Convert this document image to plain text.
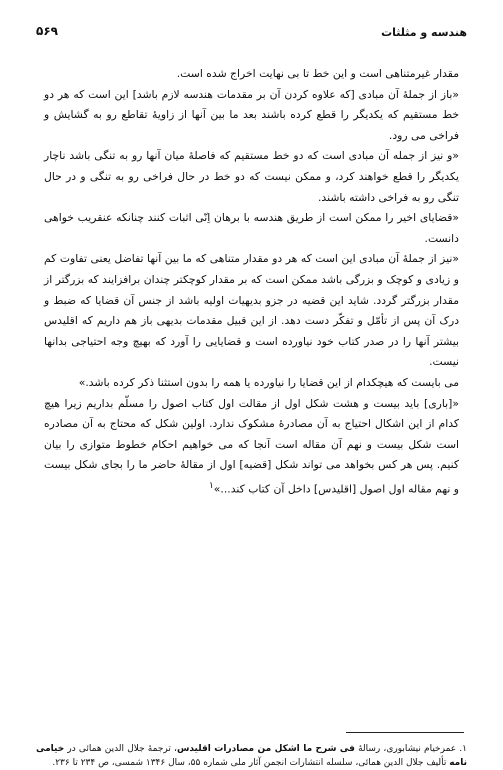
هندسه و مثلثات
۵۶۹

مقدار غیرمتناهی است و این خط تا بی نهایت اخراج شده است.

«باز از جملهٔ آن مبادی [که علاوه کردن آن بر مقدمات هندسه لازم باشد] این است که هر دو خط مستقیم که یکدیگر را قطع کرده باشند بعد ما بین آنها از زاویهٔ تقاطع رو به گشایش و فراخی می رود.

«و نیز از جمله آن مبادی است که دو خط مستقیم که فاصلهٔ میان آنها رو به تنگی باشد ناچار یکدیگر را قطع خواهند کرد، و ممکن نیست که دو خط در حال فراخی رو به تنگی و در حال تنگی رو به فراخی داشته باشند.

«قضایای اخیر را ممکن است از طریق هندسه با برهان اِنّی اثبات کنند چنانکه عنقریب خواهی دانست.

«نیز از جملهٔ آن مبادی این است که هر دو مقدار متناهی که ما بین آنها تفاضل یعنی تفاوت کم و زیادی و کوچک و بزرگی باشد ممکن است که بر مقدار کوچکتر چندان برافزایند که بزرگتر از مقدار بزرگتر گردد. شاید این قضیه در جزو بدیهیات اولیه باشد از جنس آن قضایا که ضبط و درک آن پس از تأمّل و تفکّر دست دهد. از این قبیل مقدمات بدیهی باز هم داریم که اقلیدس بیشتر آنها را در صدر کتاب خود نیاورده است و قضایایی را آورد که بهیچ وجه احتیاجی بدانها نیست.

می بایست که هیچکدام از این قضایا را نیاورده یا همه را بدون استثنا ذکر کرده باشد.»

«[باری] باید بیست و هشت شکل اول از مقالت اول کتاب اصول را مسلّم بداریم زیرا هیچ کدام از این اشکال احتیاج به آن مصادرهٔ مشکوک ندارد. اولین شکل که محتاج به آن مصادره است شکل بیست و نهم آن مقاله است آنجا که می خواهیم احکام خطوط متوازی را بیان کنیم. پس هر کس بخواهد می تواند شکل [قضیه] اول از مقالهٔ حاضر ما را بجای شکل بیست و نهم مقاله اول اصول [اقلیدس] داخل آن کتاب کند...»$^۱$

۱. عمرخیام نیشابوری، رسالهٔ فی شرح ما اشکل من مصادرات اقلیدس، ترجمهٔ جلال الدین همائی در خیامی نامه تألیف جلال الدین همائی، سلسله انتشارات انجمن آثار ملی شماره ۵۵، سال ۱۳۴۶ شمسی، ص ۲۳۴ تا ۲۳۶.
